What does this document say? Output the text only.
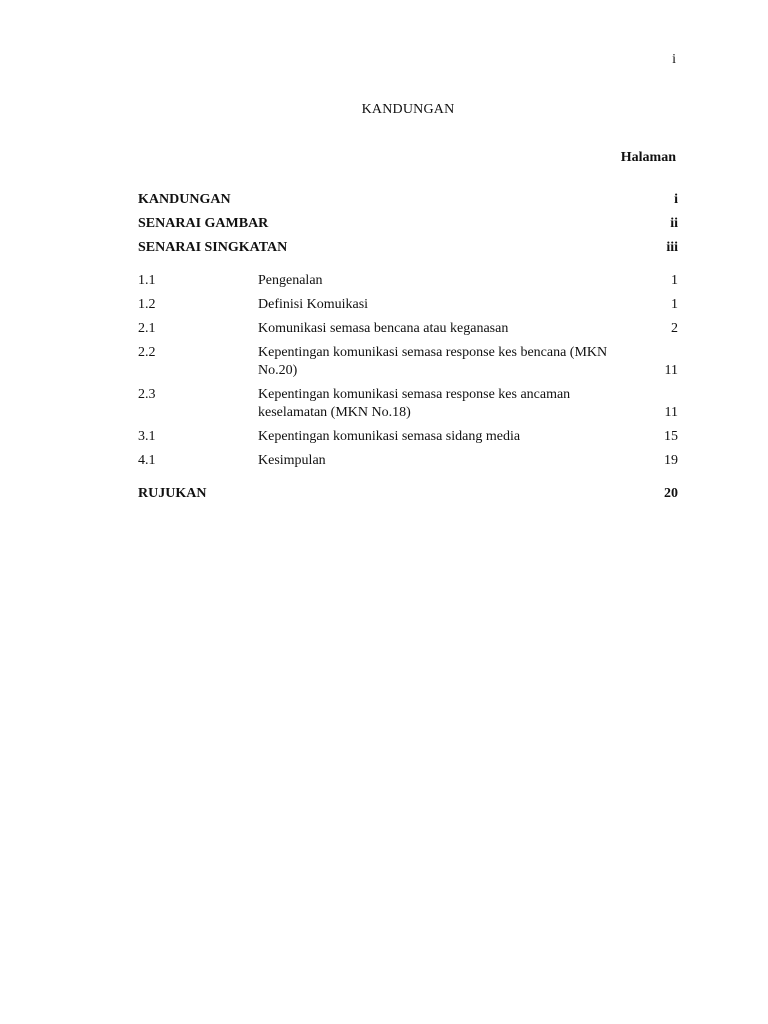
i
KANDUNGAN
Halaman
KANDUNGAN	i
SENARAI GAMBAR	ii
SENARAI SINGKATAN	iii
1.1	Pengenalan	1
1.2	Definisi Komuikasi	1
2.1	Komunikasi semasa bencana atau keganasan	2
2.2	Kepentingan komunikasi semasa response kes bencana (MKN No.20)	11
2.3	Kepentingan komunikasi semasa response kes ancaman keselamatan (MKN No.18)	11
3.1	Kepentingan komunikasi semasa sidang media	15
4.1	Kesimpulan	19
RUJUKAN	20
